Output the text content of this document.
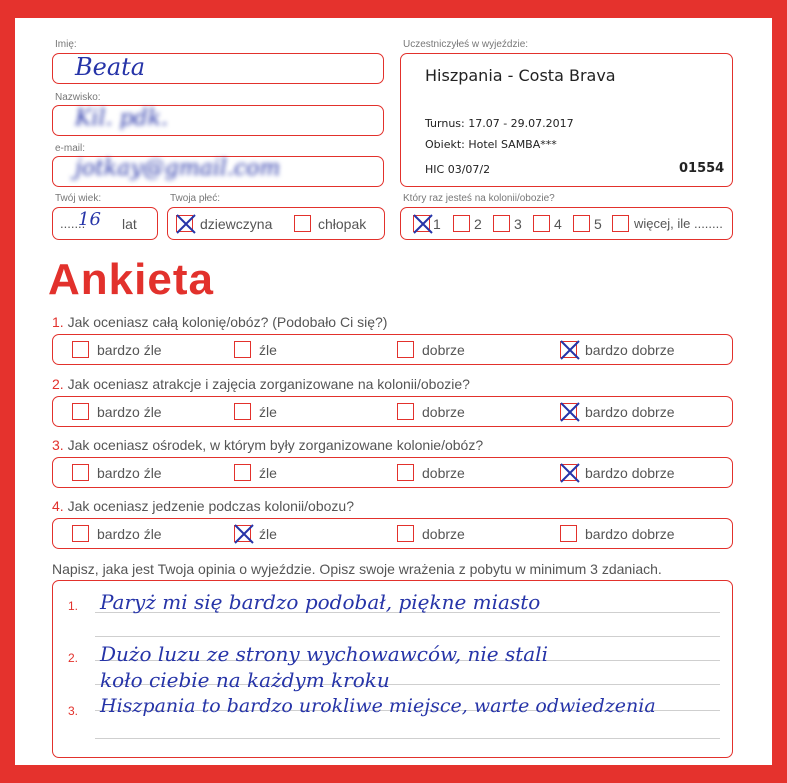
Imię:
Beata
Nazwisko:
Kil. pdk.
e-mail:
jotkay@gmail.com
Twój wiek:
.......
16 lat
Twoja płeć:
dziewczyna	chłopak
Uczestniczyłeś w wyjeździe:
Hiszpania - Costa Brava
Turnus: 17.07 - 29.07.2017
Obiekt: Hotel SAMBA***
HIC 03/07/2	01554
Który raz jesteś na kolonii/obozie?
1 2 3 4 5 więcej, ile ........
Ankieta
1. Jak oceniasz całą kolonię/obóz? (Podobało Ci się?)
bardzo źle	źle	dobrze	bardzo dobrze
2. Jak oceniasz atrakcje i zajęcia zorganizowane na kolonii/obozie?
bardzo źle	źle	dobrze	bardzo dobrze
3. Jak oceniasz ośrodek, w którym były zorganizowane kolonie/obóz?
bardzo źle	źle	dobrze	bardzo dobrze
4. Jak oceniasz jedzenie podczas kolonii/obozu?
bardzo źle	źle	dobrze	bardzo dobrze
Napisz, jaka jest Twoja opinia o wyjeździe. Opisz swoje wrażenia z pobytu w minimum 3 zdaniach.
1.
2.
3.
Paryż mi się bardzo podobał, piękne miasto
Dużo luzu ze strony wychowawców, nie stali
koło ciebie na każdym kroku
Hiszpania to bardzo urokliwe miejsce, warte odwiedzenia
